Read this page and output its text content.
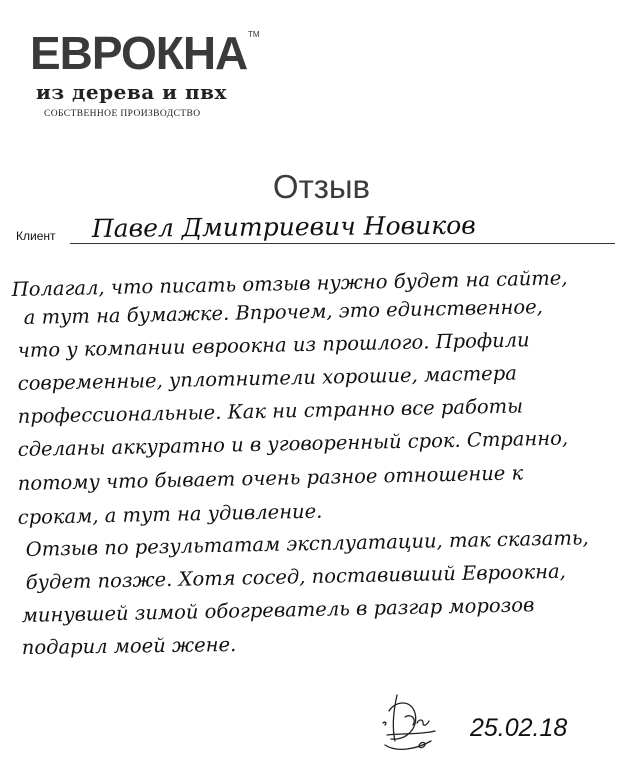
ЕВРОКНА TM
из дерева и пвх
СОБСТВЕННОЕ ПРОИЗВОДСТВО
Отзыв
Клиент Павел Дмитриевич Новиков
Полагал, что писать отзыв нужно будет на сайте,
а тут на бумажке. Впрочем, это единственное,
что у компании евроокна из прошлого. Профили
современные, уплотнители хорошие, мастера
профессиональные. Как ни странно все работы
сделаны аккуратно и в уговоренный срок. Странно,
потому что бывает очень разное отношение к
срокам, а тут на удивление.
Отзыв по результатам эксплуатации, так сказать,
будет позже. Хотя сосед, поставивший Евроокна,
минувшей зимой обогреватель в разгар морозов
подарил моей жене.
25.02.18
